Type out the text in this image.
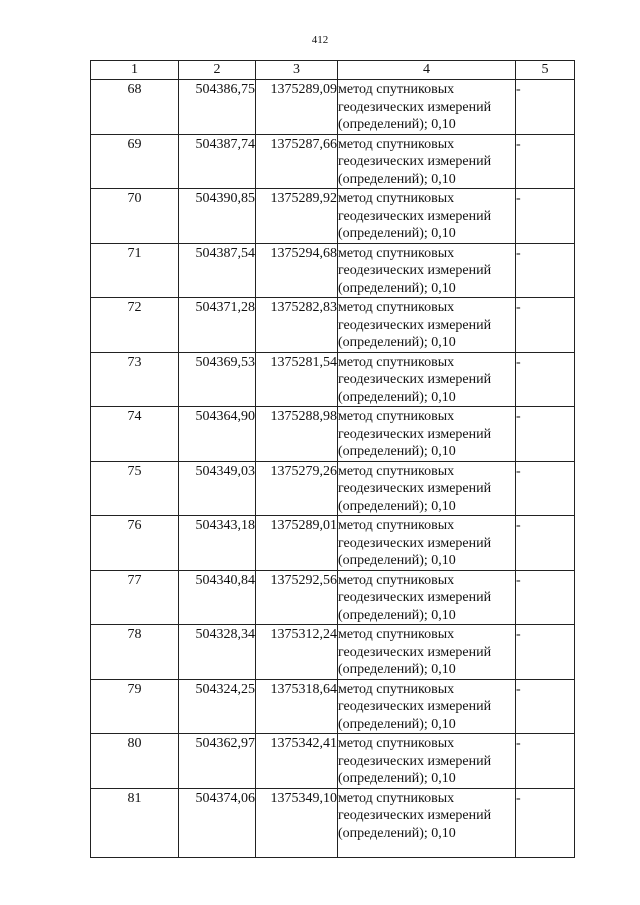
412
1	2	3	4	5
68	504386,75	1375289,09	метод спутниковых
геодезических измерений
(определений); 0,10	-
69	504387,74	1375287,66	метод спутниковых
геодезических измерений
(определений); 0,10	-
70	504390,85	1375289,92	метод спутниковых
геодезических измерений
(определений); 0,10	-
71	504387,54	1375294,68	метод спутниковых
геодезических измерений
(определений); 0,10	-
72	504371,28	1375282,83	метод спутниковых
геодезических измерений
(определений); 0,10	-
73	504369,53	1375281,54	метод спутниковых
геодезических измерений
(определений); 0,10	-
74	504364,90	1375288,98	метод спутниковых
геодезических измерений
(определений); 0,10	-
75	504349,03	1375279,26	метод спутниковых
геодезических измерений
(определений); 0,10	-
76	504343,18	1375289,01	метод спутниковых
геодезических измерений
(определений); 0,10	-
77	504340,84	1375292,56	метод спутниковых
геодезических измерений
(определений); 0,10	-
78	504328,34	1375312,24	метод спутниковых
геодезических измерений
(определений); 0,10	-
79	504324,25	1375318,64	метод спутниковых
геодезических измерений
(определений); 0,10	-
80	504362,97	1375342,41	метод спутниковых
геодезических измерений
(определений); 0,10	-
81	504374,06	1375349,10	метод спутниковых
геодезических измерений
(определений); 0,10	-
